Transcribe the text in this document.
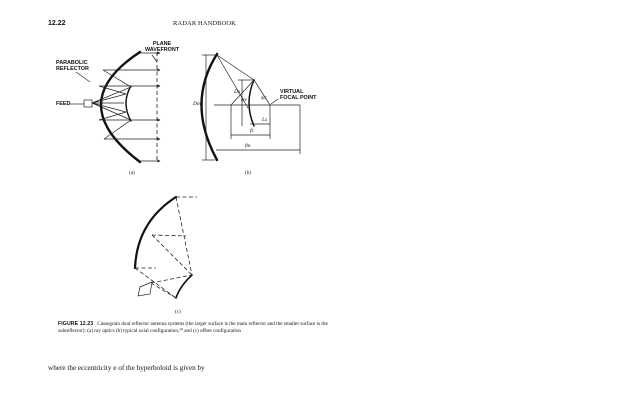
12.22	RADAR HANDBOOK
PLANE
WAVEFRONT
PARABOLIC
REFLECTOR
FEED
(a)
VIRTUAL
FOCAL POINT
Dm
Ds
ψv	ψr
Ls
fs
fm
(b)
(c)
FIGURE 12.23 Cassegrain dual reflector antenna systems (the larger surface is the main reflector and the smaller surface is the subreflector): (a) ray optics (b) typical axial configuration,²⁰ and (c) offset configuration
where the eccentricity e of the hyperboloid is given by
